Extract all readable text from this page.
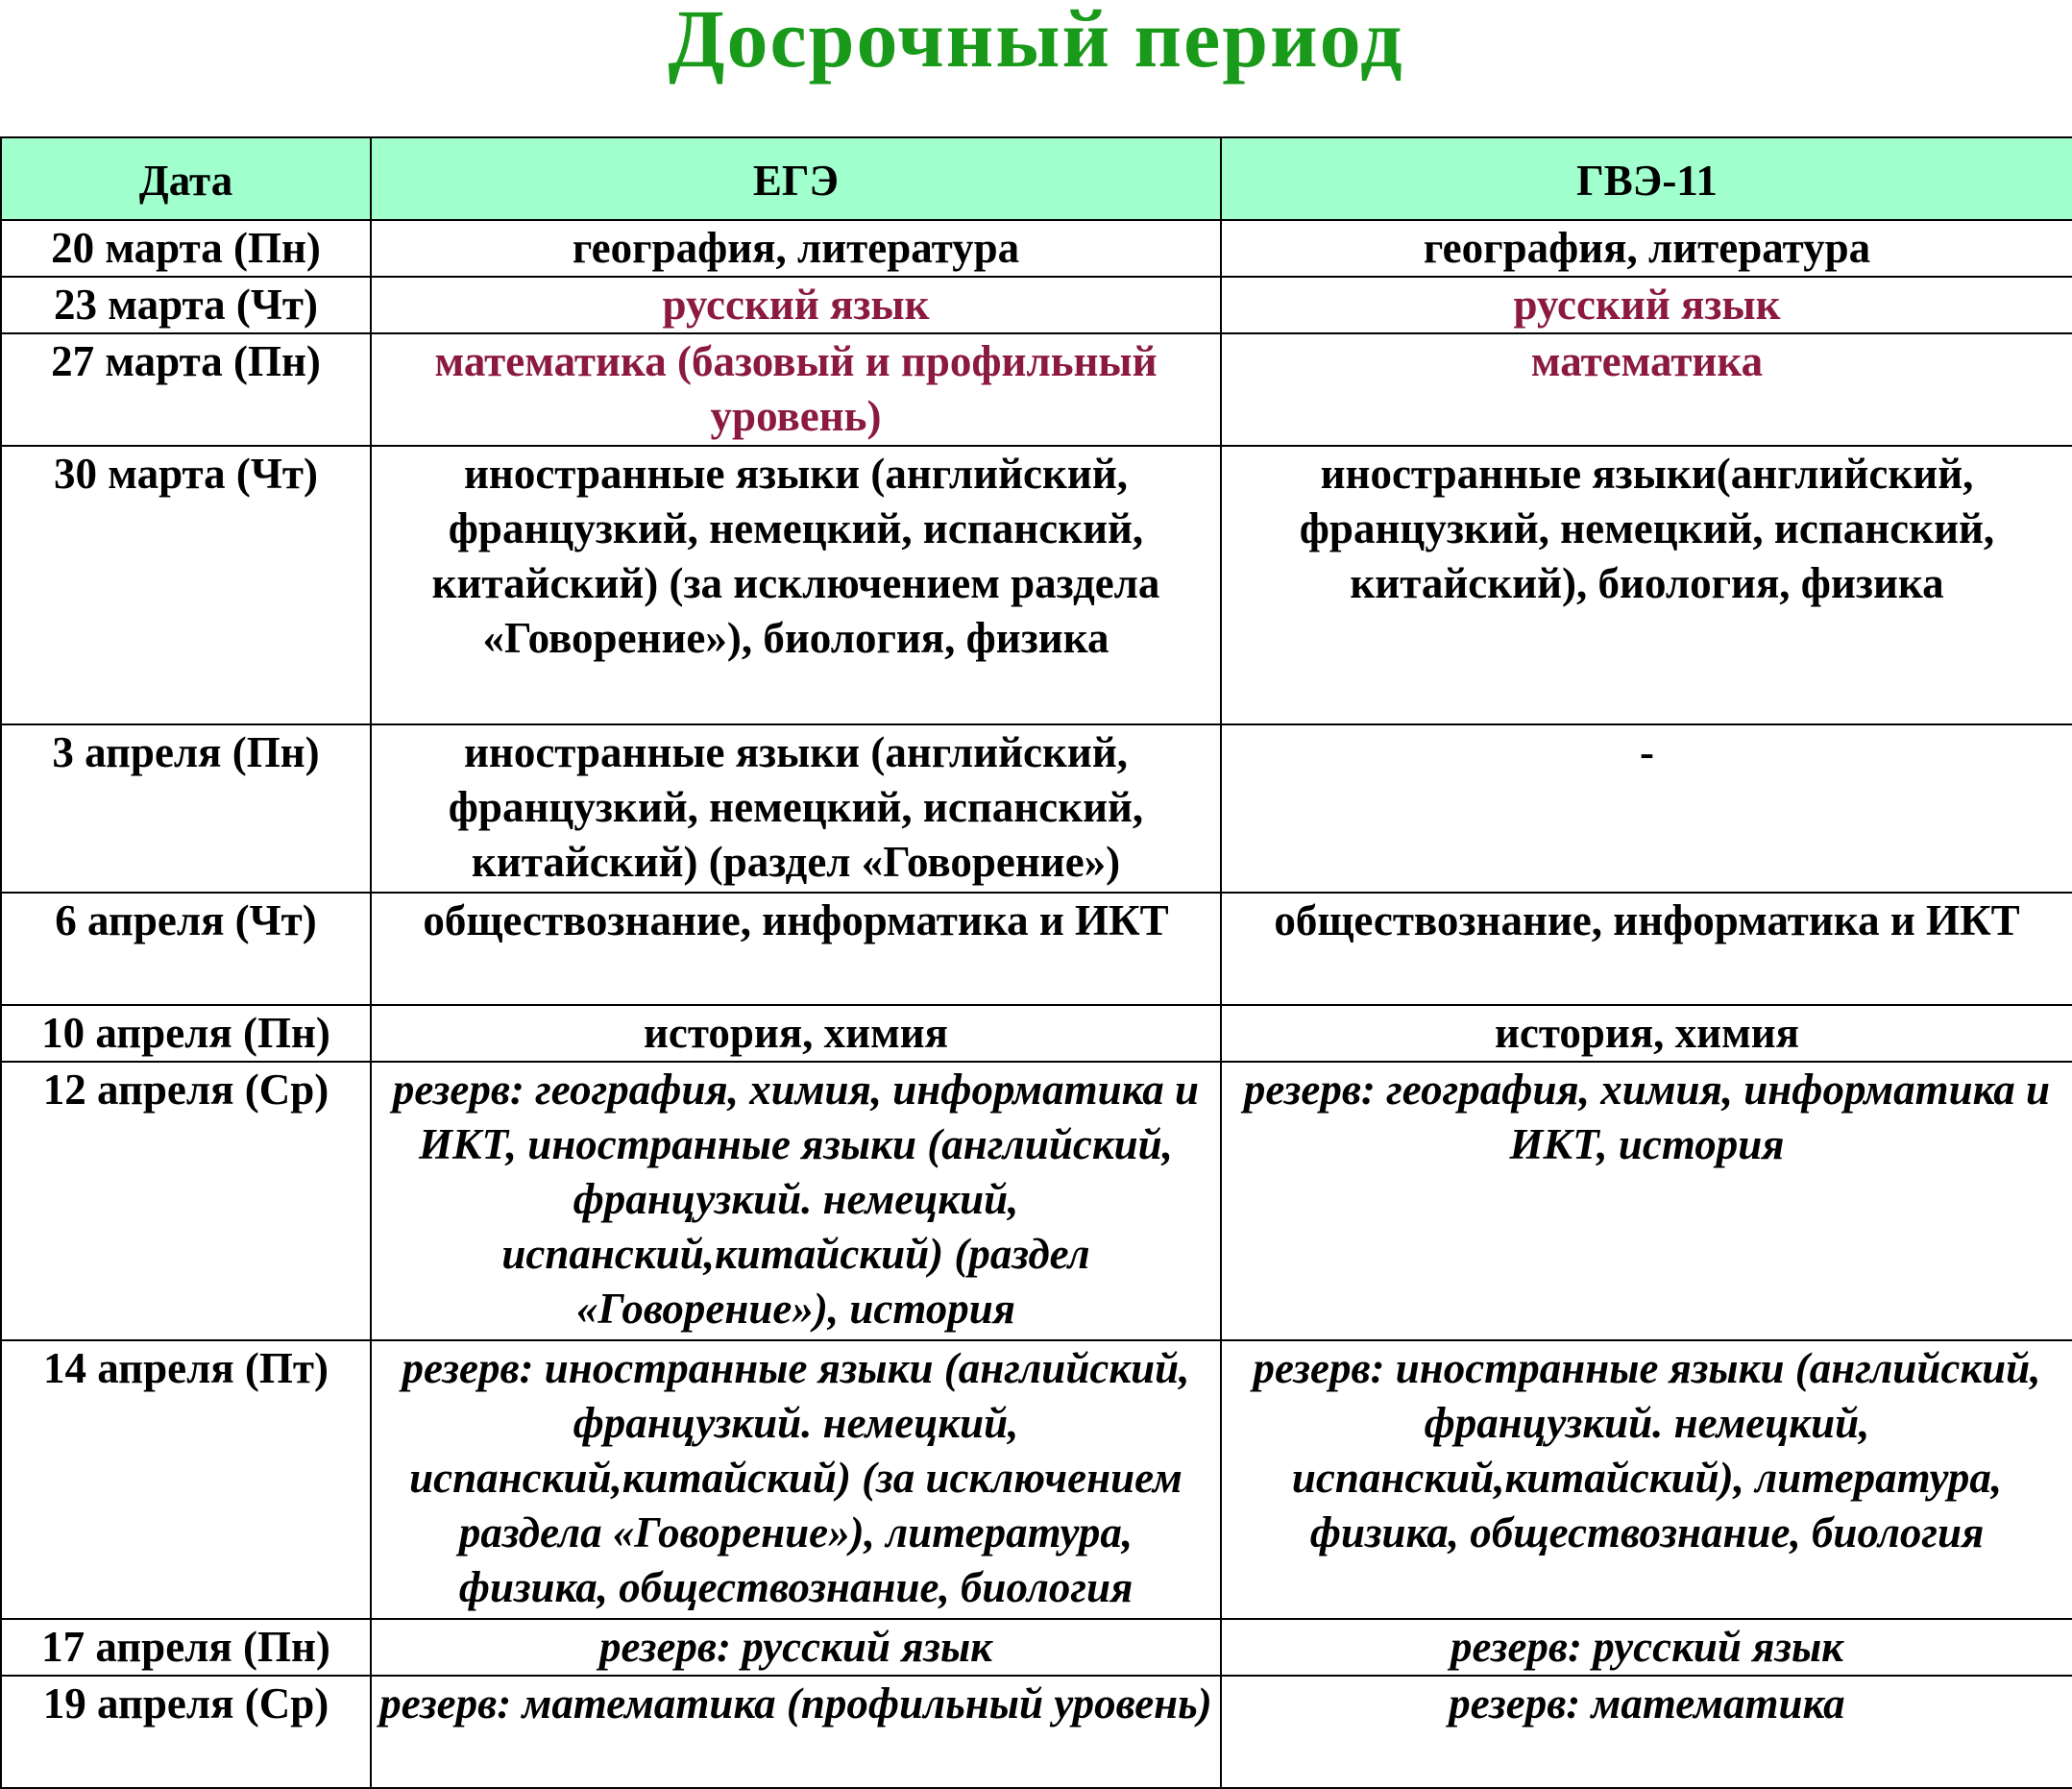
Досрочный период
Дата	ЕГЭ	ГВЭ-11
20 марта (Пн)	география, литература	география, литература
23 марта (Чт)	русский язык	русский язык
27 марта (Пн)	математика (базовый и профильный уровень)	математика
30 марта (Чт)	иностранные языки (английский, французкий, немецкий, испанский, китайский) (за исключением раздела «Говорение»), биология, физика	иностранные языки(английский, французкий, немецкий, испанский, китайский), биология, физика
3 апреля (Пн)	иностранные языки (английский, французкий, немецкий, испанский, китайский) (раздел «Говорение»)	-
6 апреля (Чт)	обществознание, информатика и ИКТ	обществознание, информатика и ИКТ
10 апреля (Пн)	история, химия	история, химия
12 апреля (Ср)	резерв: география, химия, информатика и ИКТ, иностранные языки (английский, французкий. немецкий, испанский,китайский) (раздел «Говорение»), история	резерв: география, химия, информатика и ИКТ, история
14 апреля (Пт)	резерв: иностранные языки (английский, французкий. немецкий, испанский,китайский) (за исключением раздела «Говорение»), литература, физика, обществознание, биология	резерв: иностранные языки (английский, французкий. немецкий, испанский,китайский), литература, физика, обществознание, биология
17 апреля (Пн)	резерв: русский язык	резерв: русский язык
19 апреля (Ср)	резерв: математика (профильный уровень)	резерв: математика
